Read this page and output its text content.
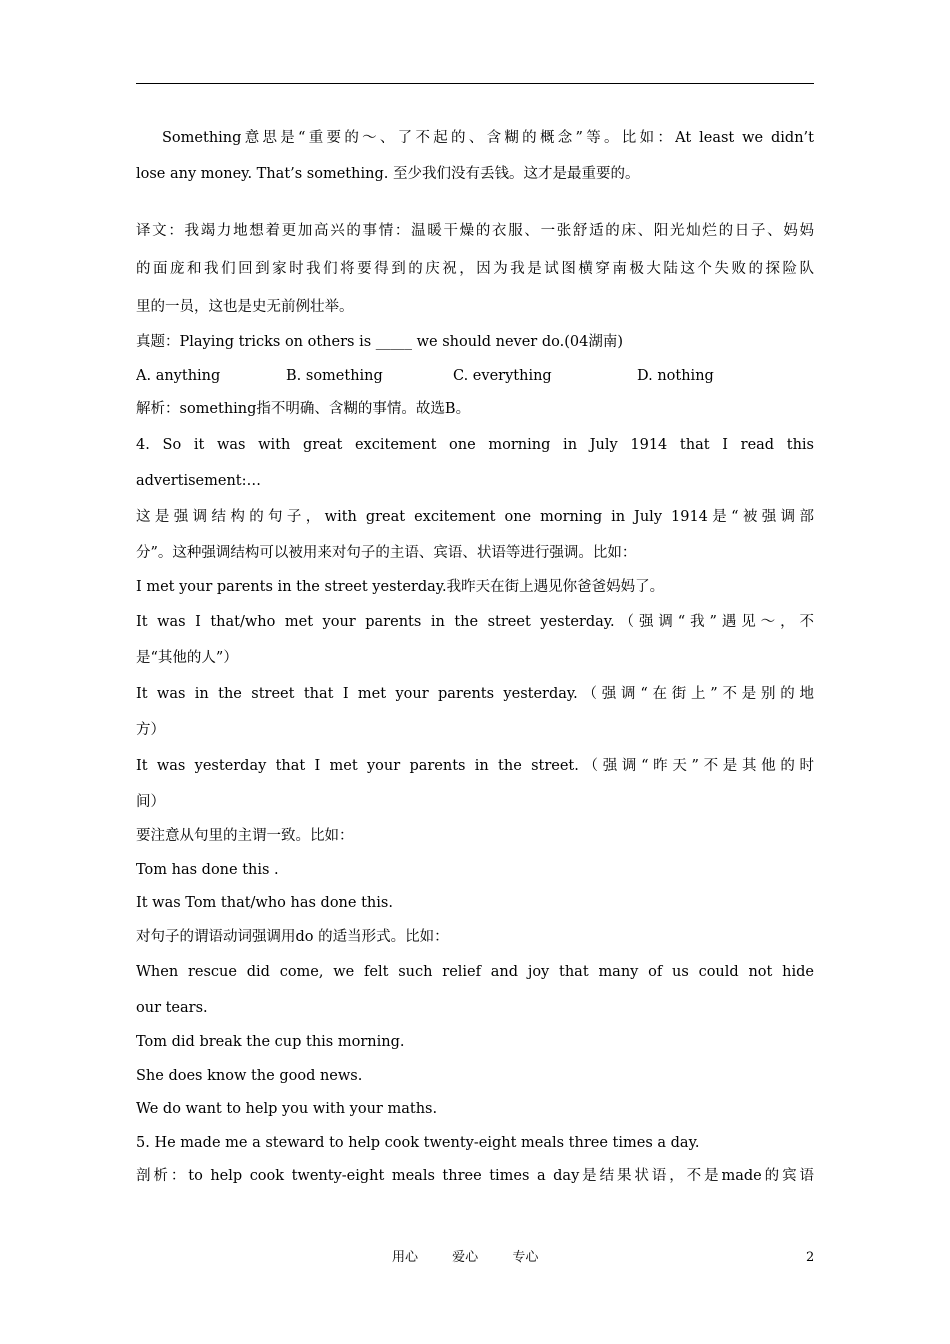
Something意思是“重要的～、了不起的、含糊的概念”等。比如：At least we didn’t
lose any money. That’s something. 至少我们没有丢钱。这才是最重要的。
译文：我竭力地想着更加高兴的事情：温暖干燥的衣服、一张舒适的床、阳光灿烂的日子、妈妈
的面庞和我们回到家时我们将要得到的庆祝，因为我是试图横穿南极大陆这个失败的探险队
里的一员，这也是史无前例壮举。
真题：Playing tricks on others is _____ we should never do.(04湖南)
A. anything	B. something	C. everything	D. nothing
解析：something指不明确、含糊的事情。故选B。
4. So it was with great excitement one morning in July 1914 that I read this
advertisement:…
这是强调结构的句子，with great excitement one morning in July 1914是“被强调部
分”。这种强调结构可以被用来对句子的主语、宾语、状语等进行强调。比如：
I met your parents in the street yesterday.我昨天在街上遇见你爸爸妈妈了。
It was I that/who met your parents in the street yesterday.（强调“我”遇见～，不
是“其他的人”）
It was in the street that I met your parents yesterday.（强调“在街上”不是别的地
方）
It was yesterday that I met your parents in the street.（强调“昨天”不是其他的时
间）
要注意从句里的主谓一致。比如：
Tom has done this .
It was Tom that/who has done this.
对句子的谓语动词强调用do 的适当形式。比如：
When rescue did come, we felt such relief and joy that many of us could not hide
our tears.
Tom did break the cup this morning.
She does know the good news.
We do want to help you with your maths.
5. He made me a steward to help cook twenty-eight meals three times a day.
剖析：to help cook twenty-eight meals three times a day是结果状语，不是made的宾语
用心	爱心	专心	2
